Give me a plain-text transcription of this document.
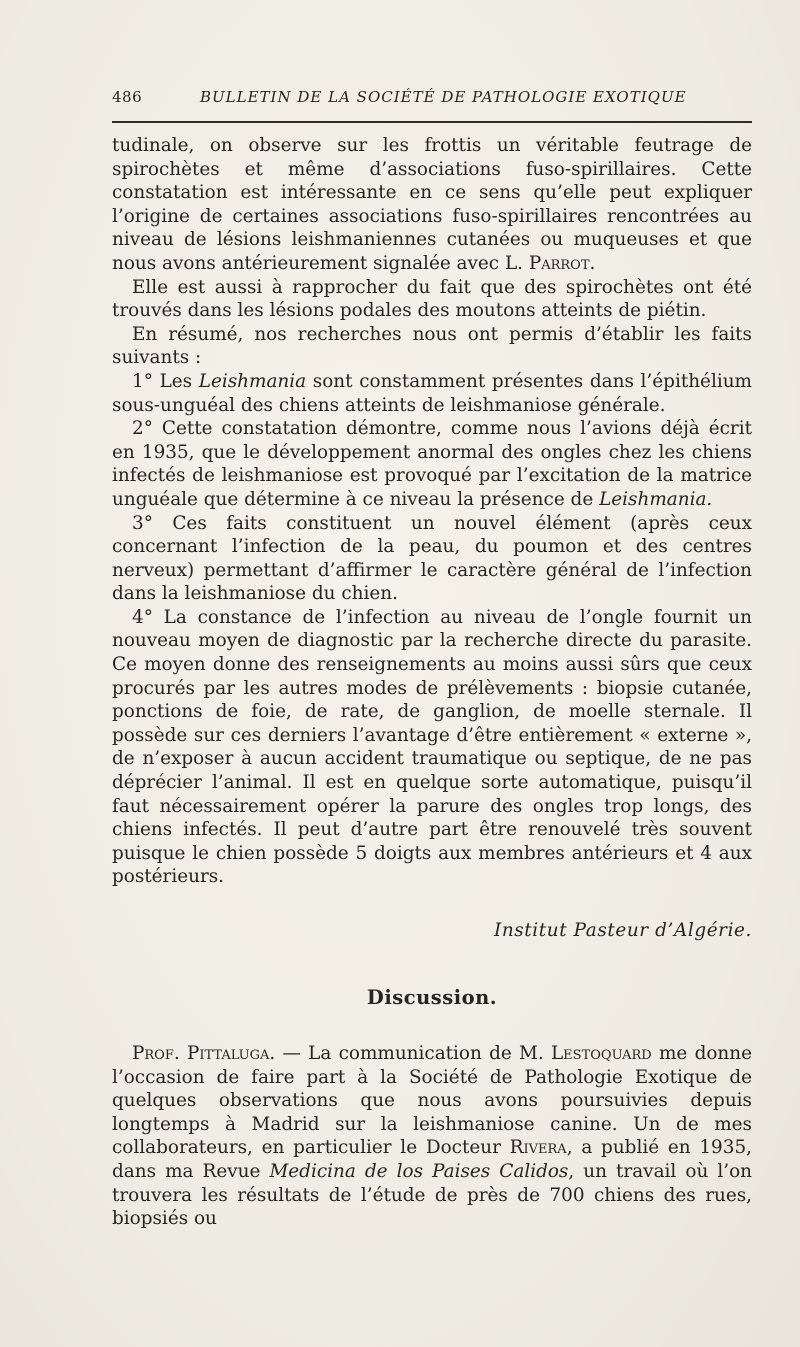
486	BULLETIN DE LA SOCIÉTÉ DE PATHOLOGIE EXOTIQUE

tudinale, on observe sur les frottis un véritable feutrage de spirochètes et même d’associations fuso-spirillaires. Cette constatation est intéressante en ce sens qu’elle peut expliquer l’origine de certaines associations fuso-spirillaires rencontrées au niveau de lésions leishmaniennes cutanées ou muqueuses et que nous avons antérieurement signalée avec L. Parrot.

Elle est aussi à rapprocher du fait que des spirochètes ont été trouvés dans les lésions podales des moutons atteints de piétin.

En résumé, nos recherches nous ont permis d’établir les faits suivants :

1° Les Leishmania sont constamment présentes dans l’épithélium sous-unguéal des chiens atteints de leishmaniose générale.

2° Cette constatation démontre, comme nous l’avions déjà écrit en 1935, que le développement anormal des ongles chez les chiens infectés de leishmaniose est provoqué par l’excitation de la matrice unguéale que détermine à ce niveau la présence de Leishmania.

3° Ces faits constituent un nouvel élément (après ceux concernant l’infection de la peau, du poumon et des centres nerveux) permettant d’affirmer le caractère général de l’infection dans la leishmaniose du chien.

4° La constance de l’infection au niveau de l’ongle fournit un nouveau moyen de diagnostic par la recherche directe du parasite. Ce moyen donne des renseignements au moins aussi sûrs que ceux procurés par les autres modes de prélèvements : biopsie cutanée, ponctions de foie, de rate, de ganglion, de moelle sternale. Il possède sur ces derniers l’avantage d’être entièrement « externe », de n’exposer à aucun accident traumatique ou septique, de ne pas déprécier l’animal. Il est en quelque sorte automatique, puisqu’il faut nécessairement opérer la parure des ongles trop longs, des chiens infectés. Il peut d’autre part être renouvelé très souvent puisque le chien possède 5 doigts aux membres antérieurs et 4 aux postérieurs.

Institut Pasteur d’Algérie.
Discussion.

Prof. Pittaluga. — La communication de M. Lestoquard me donne l’occasion de faire part à la Société de Pathologie Exotique de quelques observations que nous avons poursuivies depuis longtemps à Madrid sur la leishmaniose canine. Un de mes collaborateurs, en particulier le Docteur Rivera, a publié en 1935, dans ma Revue Medicina de los Paises Calidos, un travail où l’on trouvera les résultats de l’étude de près de 700 chiens des rues, biopsiés ou
